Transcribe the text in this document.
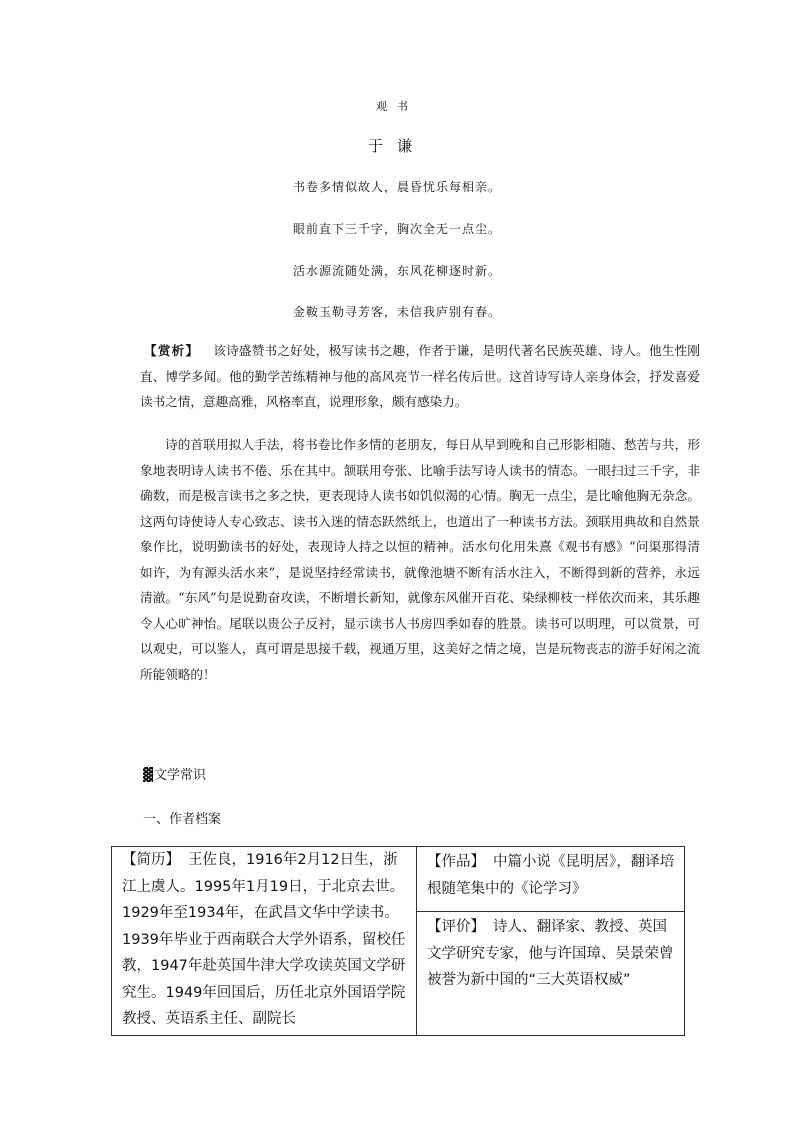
观书
于谦
书卷多情似故人，晨昏忧乐每相亲。
眼前直下三千字，胸次全无一点尘。
活水源流随处满，东风花柳逐时新。
金鞍玉勒寻芳客，未信我庐别有春。

【赏析】 该诗盛赞书之好处，极写读书之趣，作者于谦，是明代著名民族英雄、诗人。他生性刚直、博学多闻。他的勤学苦练精神与他的高风亮节一样名传后世。这首诗写诗人亲身体会，抒发喜爱读书之情，意趣高雅，风格率直，说理形象，颇有感染力。

诗的首联用拟人手法，将书卷比作多情的老朋友，每日从早到晚和自己形影相随、愁苦与共，形象地表明诗人读书不倦、乐在其中。颔联用夸张、比喻手法写诗人读书的情态。一眼扫过三千字，非确数，而是极言读书之多之快，更表现诗人读书如饥似渴的心情。胸无一点尘，是比喻他胸无杂念。这两句诗使诗人专心致志、读书入迷的情态跃然纸上，也道出了一种读书方法。颈联用典故和自然景象作比，说明勤读书的好处，表现诗人持之以恒的精神。活水句化用朱熹《观书有感》“问渠那得清如许，为有源头活水来”，是说坚持经常读书，就像池塘不断有活水注入，不断得到新的营养，永远清澈。“东风”句是说勤奋攻读，不断增长新知，就像东风催开百花、染绿柳枝一样依次而来，其乐趣令人心旷神怡。尾联以贵公子反衬，显示读书人书房四季如春的胜景。读书可以明理，可以赏景，可以观史，可以鉴人，真可谓是思接千载，视通万里，这美好之情之境，岂是玩物丧志的游手好闲之流所能领略的！

▓文学常识
一、作者档案
【简历】 王佐良，1916年2月12日生，浙江上虞人。1995年1月19日，于北京去世。1929年至1934年，在武昌文华中学读书。1939年毕业于西南联合大学外语系，留校任教，1947年赴英国牛津大学攻读英国文学研究生。1949年回国后，历任北京外国语学院教授、英语系主任、副院长	【作品】 中篇小说《昆明居》，翻译培根随笔集中的《论学习》
【评价】 诗人、翻译家、教授、英国文学研究专家，他与许国璋、吴景荣曾被誉为新中国的“三大英语权威”
